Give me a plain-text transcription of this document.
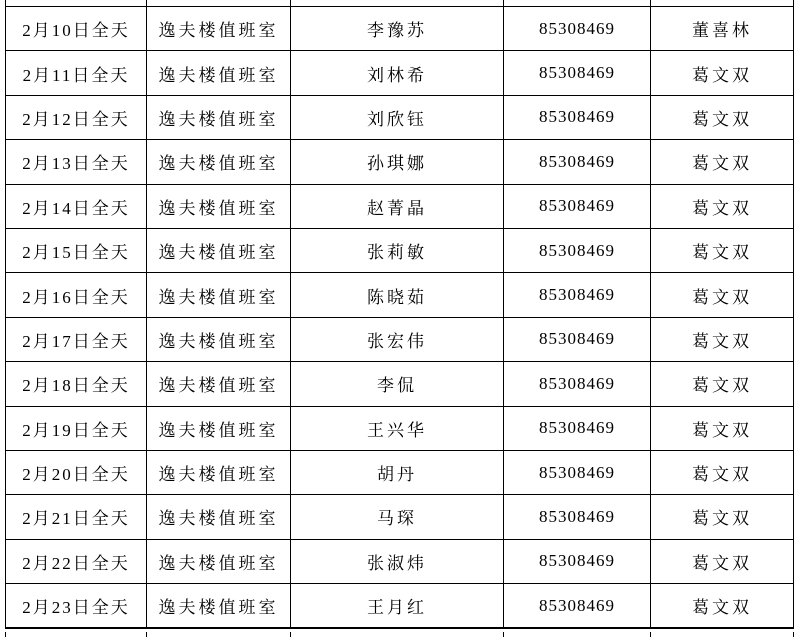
2月10日全天	逸夫楼值班室	李豫苏	85308469	董喜林
2月11日全天	逸夫楼值班室	刘林希	85308469	葛文双
2月12日全天	逸夫楼值班室	刘欣钰	85308469	葛文双
2月13日全天	逸夫楼值班室	孙琪娜	85308469	葛文双
2月14日全天	逸夫楼值班室	赵菁晶	85308469	葛文双
2月15日全天	逸夫楼值班室	张莉敏	85308469	葛文双
2月16日全天	逸夫楼值班室	陈晓茹	85308469	葛文双
2月17日全天	逸夫楼值班室	张宏伟	85308469	葛文双
2月18日全天	逸夫楼值班室	李侃	85308469	葛文双
2月19日全天	逸夫楼值班室	王兴华	85308469	葛文双
2月20日全天	逸夫楼值班室	胡丹	85308469	葛文双
2月21日全天	逸夫楼值班室	马琛	85308469	葛文双
2月22日全天	逸夫楼值班室	张淑炜	85308469	葛文双
2月23日全天	逸夫楼值班室	王月红	85308469	葛文双
